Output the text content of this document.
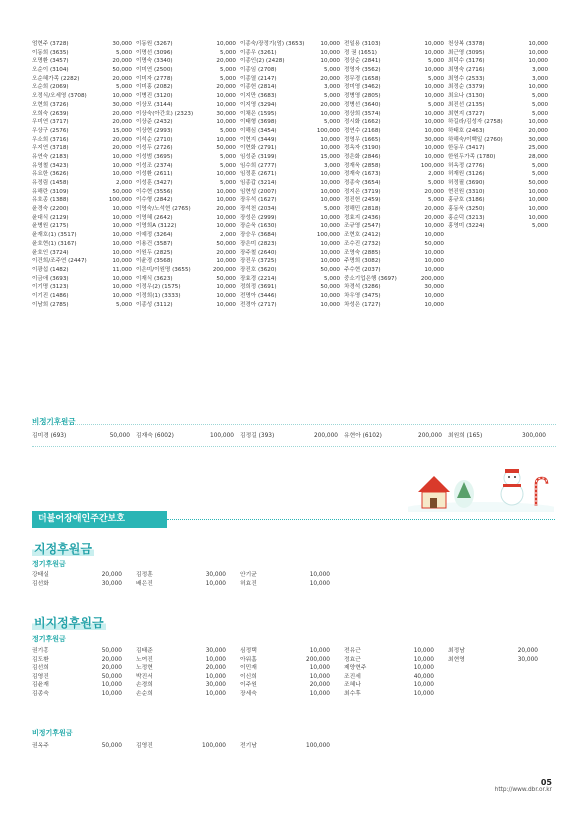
엄현주 (3728)	30,000
이동희 (3635)	5,000
오명환 (3457)	20,000
오순이 (3104)	50,000
오순혜가족 (2282)	20,000
오순희 (2069)	5,000
오정식/오세영 (3708)	10,000
오현희 (3726)	30,000
오희숙 (2639)	20,000
우미연 (3717)	20,000
우상구 (2576)	15,000
우소희 (3716)	20,000
우지연 (3718)	20,000
유연숙 (2183)	10,000
유영철 (3423)	10,000
유요한 (3626)	10,000
유정림 (1458)	2,000
유해란 (3109)	50,000
유호종 (1388)	100,000
윤경숙 (2200)	10,000
윤대식 (2129)	10,000
윤병원 (2175)	10,000
윤재호(1) (3517)	10,000
윤호현(1) (3167)	10,000
윤호인 (3724)	10,000
이건희/조주연 (2447)	10,000
이광섭 (1482)	11,000
이금애 (3693)	10,000
이기명 (3123)	10,000
이기진 (1486)	10,000
이남희 (2785)	5,000
이동원 (3267)	10,000
이명선 (3096)	5,000
이명숙 (3340)	20,000
이미연 (2500)	5,000
이미자 (2778)	5,000
이미홍 (2082)	20,000
이병진 (3120)	10,000
이상모 (3144)	10,000
이상숙(아간호) (2323)	30,000
이상준 (2432)	10,000
이상현 (2993)	5,000
이석순 (2710)	10,000
이성두 (2726)	50,000
이성범 (3695)	5,000
이성조 (2374)	5,000
이성환 (2611)	10,000
이성훈 (3427)	5,000
이수현 (3556)	10,000
이수형 (2842)	10,000
이영숙/노석현 (2765)	20,000
이영혜 (2642)	10,000
이영희A (3122)	10,000
이예정 (3264)	2,000
이용건 (3587)	50,000
이원두 (2825)	20,000
이윤경 (3568)	10,000
이은미/이원명 (3655)	200,000
이재식 (3623)	50,000
이정우(2) (1575)	10,000
이정희(1) (3333)	10,000
이종성 (3112)	10,000
이종숙/장정기(엄) (3653)	10,000
이종우 (3261)	10,000
이종인(2) (2428)	10,000
이종임 (2708)	5,000
이종열 (2147)	20,000
이종헌 (2814)	3,000
이지만 (3683)	5,000
이지영 (3294)	20,000
이채은 (1595)	10,000
이태형 (3698)	5,000
이해심 (3454)	100,000
이현지 (3449)	10,000
이현화 (2791)	10,000
임성준 (3199)	15,000
임수희 (2777)	3,000
임정훈 (2671)	10,000
임종갑 (3214)	10,000
임현성 (2007)	10,000
장우석 (1627)	10,000
장석천 (2034)	5,000
장성은 (2999)	10,000
장순욱 (1630)	10,000
장승우 (3684)	100,000
장은미 (2823)	10,000
장주철 (2640)	10,000
장진우 (3725)	10,000
장진호 (3620)	50,000
장효경 (2214)	5,000
정희정 (3691)	50,000
전명아 (3446)	10,000
전경아 (2717)	10,000
전일용 (3103)	10,000
정 권 (1651)	10,000
정상순 (2841)	5,000
정영자 (3562)	10,000
정무경 (1658)	5,000
정미영 (3462)	10,000
정병영 (2805)	10,000
정병선 (3640)	5,000
정상희 (3574)	10,000
정시화 (1662)	10,000
정연수 (2168)	10,000
정영우 (1665)	30,000
정옥자 (3190)	10,000
정은화 (2846)	10,000
정재욱 (2858)	100,000
정재숙 (1673)	2,000
정종숙 (3654)	5,000
정지은 (3719)	20,000
정진헌 (2459)	5,000
정해민 (2818)	20,000
정효지 (2436)	20,000
조규영 (2547)	10,000
조현호 (2412)	10,000
조수진 (2732)	50,000
조영숙 (2885)	10,000
주명희 (3082)	10,000
주수현 (2037)	10,000
중소기업은행 (3697)	200,000
차경석 (3286)	30,000
차우영 (3475)	10,000
차성은 (1727)	10,000
천상복 (3378)	10,000
최근영 (3095)	10,000
최덕수 (3176)	10,000
최명숙 (2716)	3,000
최영수 (2533)	3,000
최정순 (3379)	10,000
최요나 (3130)	5,000
최진선 (2135)	5,000
최현지 (3727)	5,000
하길라/김성자 (2758)	10,000
하태호 (2463)	20,000
하해숙/이백일 (2760)	30,000
한동우 (3417)	25,000
한원두가족 (1780)	28,000
허옥정 (2776)	5,000
허재원 (3126)	5,000
허정필 (3690)	50,000
현진원 (3310)	10,000
홍규호 (3186)	10,000
홍동욱 (3250)	10,000
홍순덕 (3213)	10,000
홍영미 (3224)	5,000
비정기후원금
김미경 (693)	50,000 김재숙 (6002)	100,000 김정길 (393)	200,000 유현아 (6102)	200,000 최원희 (165)	300,000
더불어장애인주간보호
지정후원금
정기후원금
강태실	20,000
김선화	30,000
김정훈	30,000
배은진	10,000
안기균	10,000
허효진	10,000
비지정후원금
정기후원금
권기홍	50,000
김도환	20,000
김선희	20,000
김영진	50,000
김윤재	10,000
김종숙	10,000
김태준	30,000
노여진	10,000
노정현	20,000
박진서	10,000
손경희	30,000
손순희	10,000
심정택	10,000
아워홈	200,000
이민재	10,000
이신희	10,000
이주원	20,000
장세숙	10,000
전유근	10,000
정효근	10,000
제양현주	10,000
조진세	40,000
조혜나	10,000
최수후	10,000
최정남	20,000
최현영	30,000
비정기후원금
권옥주	50,000 김영진	100,000 전기남	100,000
05
http://www.dbr.or.kr
